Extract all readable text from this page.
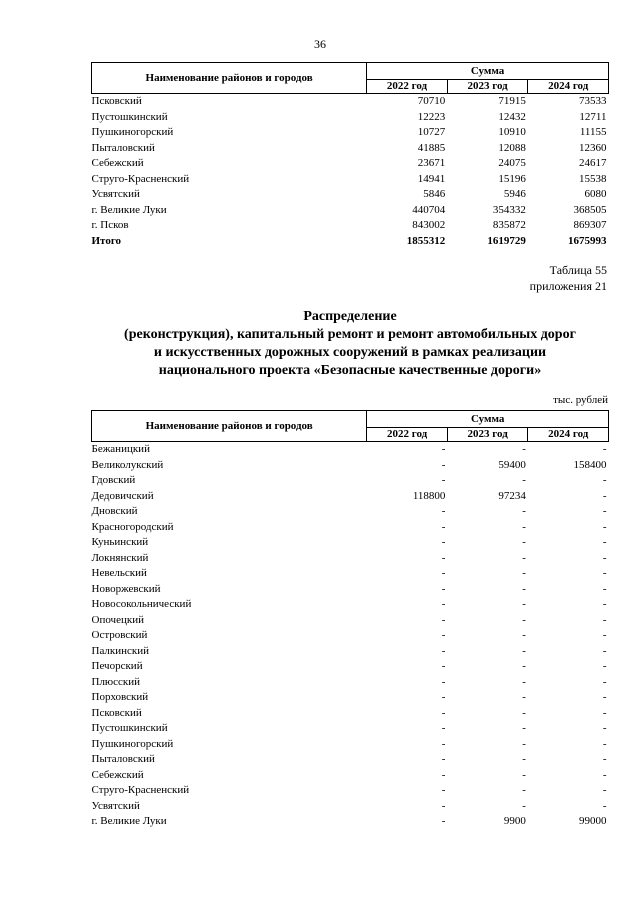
36
Наименование районов и городов	Сумма		
	2022 год	2023 год	2024 год
Псковский	70710	71915	73533
Пустошкинский	12223	12432	12711
Пушкиногорский	10727	10910	11155
Пыталовский	41885	12088	12360
Себежский	23671	24075	24617
Струго-Красненский	14941	15196	15538
Усвятский	5846	5946	6080
г. Великие Луки	440704	354332	368505
г. Псков	843002	835872	869307
Итого	1855312	1619729	1675993
Таблица 55
приложения 21
Распределение
(реконструкция), капитальный ремонт и ремонт автомобильных дорог
и искусственных дорожных сооружений в рамках реализации
национального проекта «Безопасные качественные дороги»
тыс. рублей
Наименование районов и городов	Сумма		
	2022 год	2023 год	2024 год
Бежаницкий	-	-	-
Великолукский	-	59400	158400
Гдовский	-	-	-
Дедовичский	118800	97234	-
Дновский	-	-	-
Красногородский	-	-	-
Куньинский	-	-	-
Локнянский	-	-	-
Невельский	-	-	-
Новоржевский	-	-	-
Новосокольнический	-	-	-
Опочецкий	-	-	-
Островский	-	-	-
Палкинский	-	-	-
Печорский	-	-	-
Плюсский	-	-	-
Порховский	-	-	-
Псковский	-	-	-
Пустошкинский	-	-	-
Пушкиногорский	-	-	-
Пыталовский	-	-	-
Себежский	-	-	-
Струго-Красненский	-	-	-
Усвятский	-	-	-
г. Великие Луки	-	9900	99000
